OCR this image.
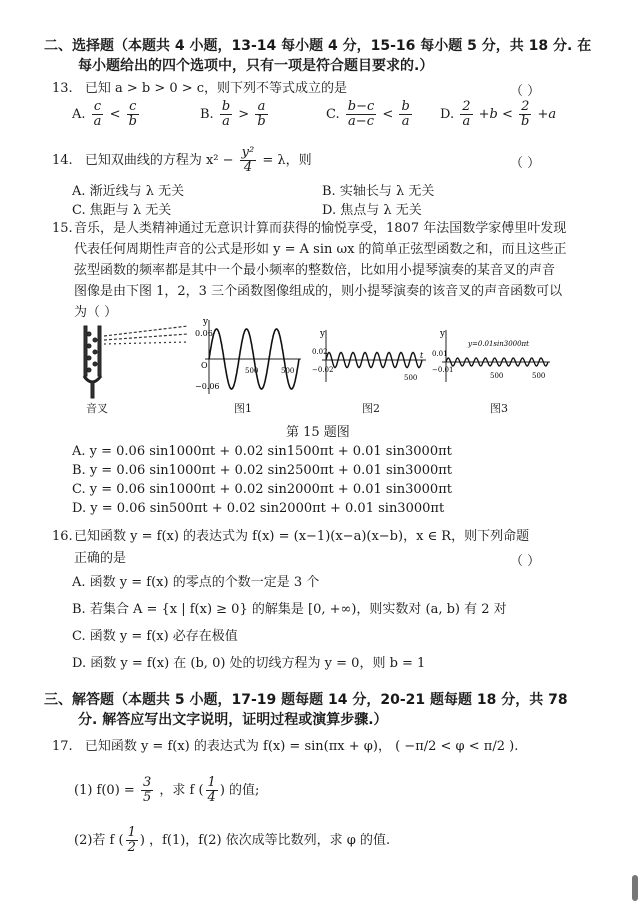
二、选择题（本题共 4 小题，13-14 每小题 4 分，15-16 每小题 5 分，共 18 分. 在
每小题给出的四个选项中，只有一项是符合题目要求的.）
13. 已知 a > b > 0 > c，则下列不等式成立的是	（ ）
A. $\frac{c}{a} < \frac{c}{b}$	B. $\frac{b}{a} > \frac{a}{b}$	C. $\frac{b-c}{a-c} < \frac{b}{a} D$. $\frac{2}{a} +b < \frac{2}{b} +a$
14. 已知双曲线的方程为 $x^2 - \frac{\text{y²}}{4} = \lambda$，则	（ ）
A. 渐近线与 λ 无关	B. 实轴长与 λ 无关
C. 焦距与 λ 无关	D. 焦点与 λ 无关
15. 音乐，是人类精神通过无意识计算而获得的愉悦享受，1807 年法国数学家傅里叶发现
代表任何周期性声音的公式是形如 y = A sin ωx 的简单正弦型函数之和，而且这些正
弦型函数的频率都是其中一个最小频率的整数倍，比如用小提琴演奏的某音叉的声音
图像是由下图 1，2，3 三个函数图像组成的，则小提琴演奏的该音叉的声音函数可以
为（ ）
音叉
y
0.06
−0.06
O
500	500
图1
y
0.02
−0.02
t
500
图2
y
y=0.01sin3000πt
0.01
−0.01
500	500
图3
第 15 题图
A. y = 0.06 sin1000πt + 0.02 sin1500πt + 0.01 sin3000πt
B. y = 0.06 sin1000πt + 0.02 sin2500πt + 0.01 sin3000πt
C. y = 0.06 sin1000πt + 0.02 sin2000πt + 0.01 sin3000πt
D. y = 0.06 sin500πt + 0.02 sin2000πt + 0.01 sin3000πt
16. 已知函数 y = f(x) 的表达式为 f(x) = (x−1)(x−a)(x−b)，x ∈ R，则下列命题
正确的是	（ ）
A. 函数 y = f(x) 的零点的个数一定是 3 个
B. 若集合 A = {x | f(x) ≥ 0} 的解集是 [0, +∞)，则实数对 (a, b) 有 2 对
C. 函数 y = f(x) 必存在极值
D. 函数 y = f(x) 在 (b, 0) 处的切线方程为 y = 0，则 b = 1
三、解答题（本题共 5 小题，17-19 题每题 14 分，20-21 题每题 18 分，共 78
分. 解答应写出文字说明，证明过程或演算步骤.）
17. 已知函数 y = f(x) 的表达式为 f(x) = sin(πx + φ)， ( −π/2 < φ < π/2 ).
(1) $f(0) = \frac{3}{5}$ ，求 f ( $\frac{1}{4}$ ) 的值;
(2)若 f ( $\frac{1}{2}$ ) ，f(1)，f(2) 依次成等比数列，求 φ 的值.
